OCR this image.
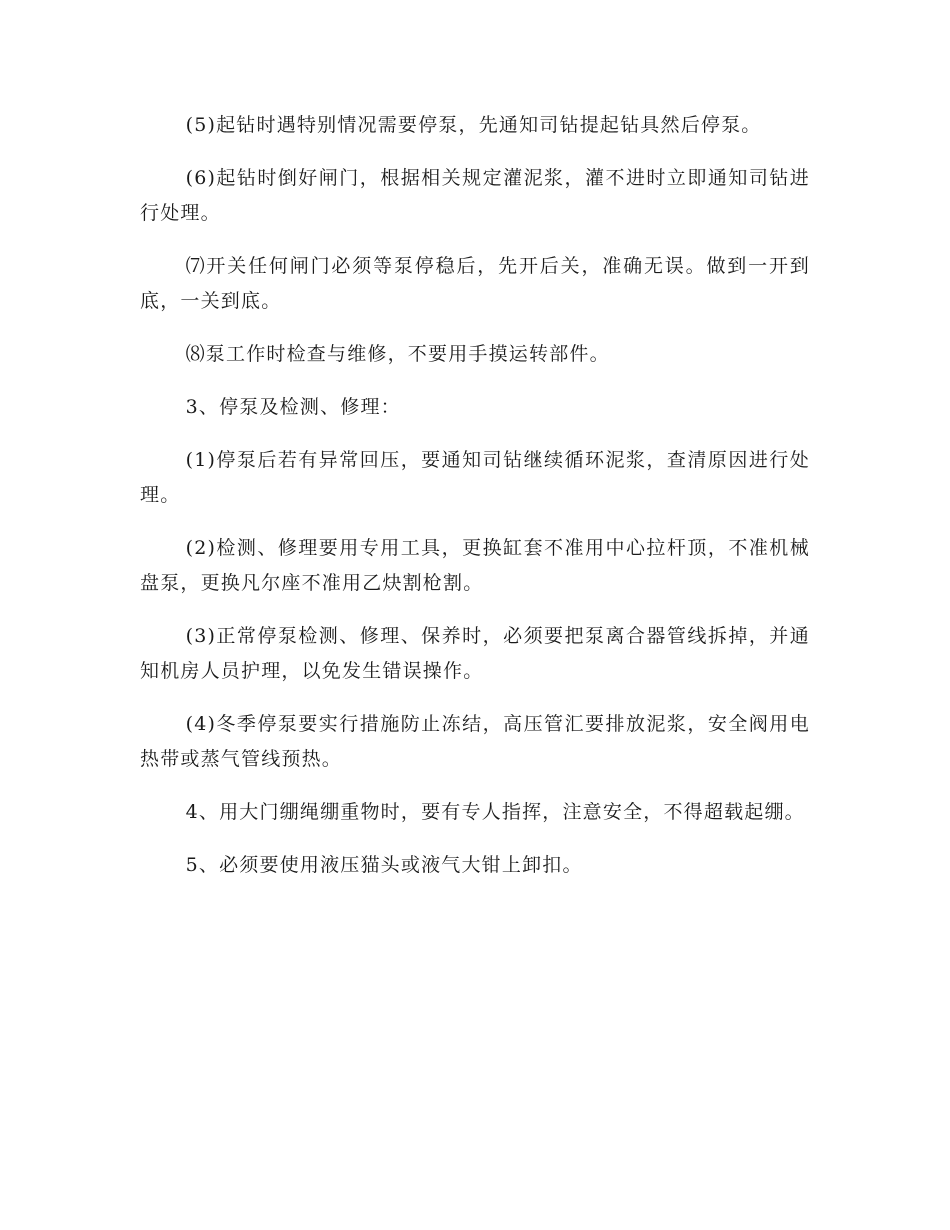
(5)起钻时遇特别情况需要停泵，先通知司钻提起钻具然后停泵。

(6)起钻时倒好闸门，根据相关规定灌泥浆，灌不进时立即通知司钻进行处理。

⑺开关任何闸门必须等泵停稳后，先开后关，准确无误。做到一开到底，一关到底。

⑻泵工作时检查与维修，不要用手摸运转部件。

3、停泵及检测、修理：

(1)停泵后若有异常回压，要通知司钻继续循环泥浆，查清原因进行处理。

(2)检测、修理要用专用工具，更换缸套不准用中心拉杆顶，不准机械盘泵，更换凡尔座不准用乙炔割枪割。

(3)正常停泵检测、修理、保养时，必须要把泵离合器管线拆掉，并通知机房人员护理，以免发生错误操作。

(4)冬季停泵要实行措施防止冻结，高压管汇要排放泥浆，安全阀用电热带或蒸气管线预热。

4、用大门绷绳绷重物时，要有专人指挥，注意安全，不得超载起绷。

5、必须要使用液压猫头或液气大钳上卸扣。
